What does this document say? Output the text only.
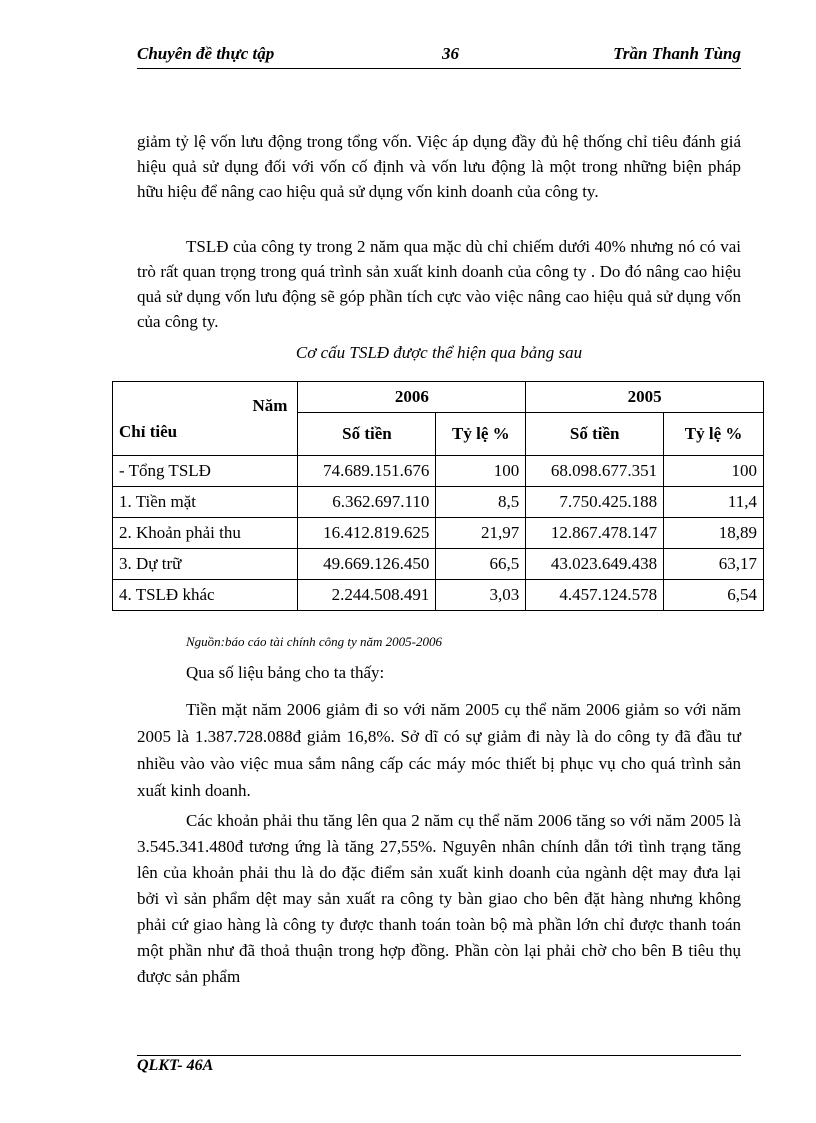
Chuyên đề thực tập	36	Trần Thanh Tùng
giảm tỷ lệ vốn lưu động trong tổng vốn. Việc áp dụng đầy đủ hệ thống chỉ tiêu đánh giá hiệu quả sử dụng đối với vốn cố định và vốn lưu động là một trong những biện pháp hữu hiệu để nâng cao hiệu quả sử dụng vốn kinh doanh của công ty.
TSLĐ của công ty trong 2 năm qua mặc dù chỉ chiếm dưới 40% nhưng nó có vai trò rất quan trọng trong quá trình sản xuất kinh doanh của công ty . Do đó nâng cao hiệu quả sử dụng vốn lưu động sẽ góp phần tích cực vào việc nâng cao hiệu quả sử dụng vốn của công ty.
Cơ cấu TSLĐ được thể hiện qua bảng sau
Năm
Chỉ tiêu	2006		2005	
	Số tiền	Tỷ lệ %	Số tiền	Tỷ lệ %
- Tổng TSLĐ	74.689.151.676	100	68.098.677.351	100
1. Tiền mặt	6.362.697.110	8,5	7.750.425.188	11,4
2. Khoản phải thu	16.412.819.625	21,97	12.867.478.147	18,89
3. Dự trữ	49.669.126.450	66,5	43.023.649.438	63,17
4. TSLĐ khác	2.244.508.491	3,03	4.457.124.578	6,54
Nguồn:báo cáo tài chính công ty năm 2005-2006
Qua số liệu bảng cho ta thấy:
Tiền mặt năm 2006 giảm đi so với năm 2005 cụ thể năm 2006 giảm so với năm 2005 là 1.387.728.088đ giảm 16,8%. Sở dĩ có sự giảm đi này là do công ty đã đầu tư nhiều vào vào việc mua sắm nâng cấp các máy móc thiết bị phục vụ cho quá trình sản xuất kinh doanh.
Các khoản phải thu tăng lên qua 2 năm cụ thể năm 2006 tăng so với năm 2005 là 3.545.341.480đ tương ứng là tăng 27,55%. Nguyên nhân chính dẫn tới tình trạng tăng lên của khoản phải thu là do đặc điểm sản xuất kinh doanh của ngành dệt may đưa lại bởi vì sản phẩm dệt may sản xuất ra công ty bàn giao cho bên đặt hàng nhưng không phải cứ giao hàng là công ty được thanh toán toàn bộ mà phần lớn chỉ được thanh toán một phần như đã thoả thuận trong hợp đồng. Phần còn lại phải chờ cho bên B tiêu thụ được sản phẩm
QLKT- 46A
